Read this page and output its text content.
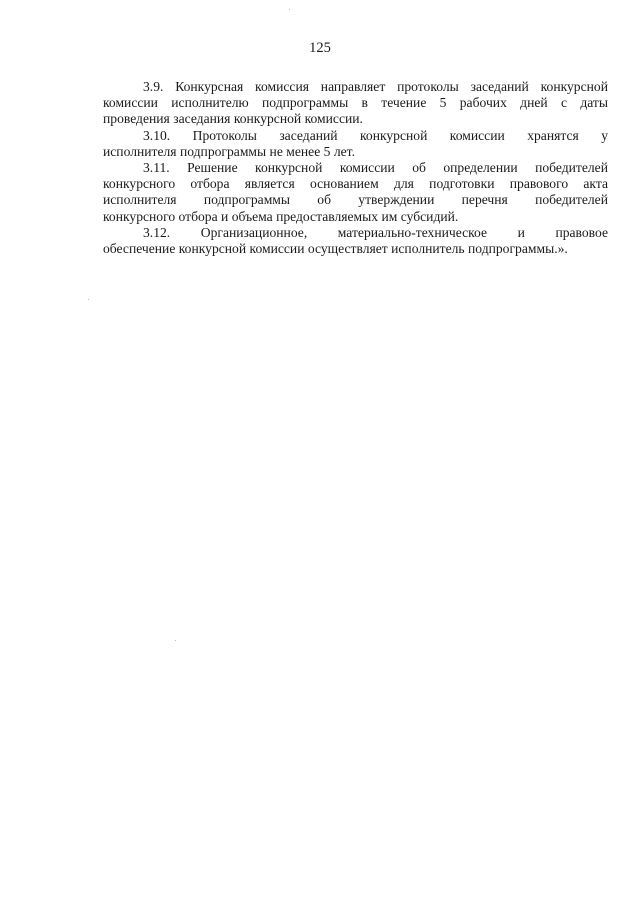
125

3.9. Конкурсная комиссия направляет протоколы заседаний конкурсной
комиссии исполнителю подпрограммы в течение 5 рабочих дней с даты
проведения заседания конкурсной комиссии.

3.10. Протоколы заседаний конкурсной комиссии хранятся у
исполнителя подпрограммы не менее 5 лет.

3.11. Решение конкурсной комиссии об определении победителей
конкурсного отбора является основанием для подготовки правового акта
исполнителя подпрограммы об утверждении перечня победителей
конкурсного отбора и объема предоставляемых им субсидий.

3.12. Организационное, материально-техническое и правовое
обеспечение конкурсной комиссии осуществляет исполнитель подпрограммы.».
